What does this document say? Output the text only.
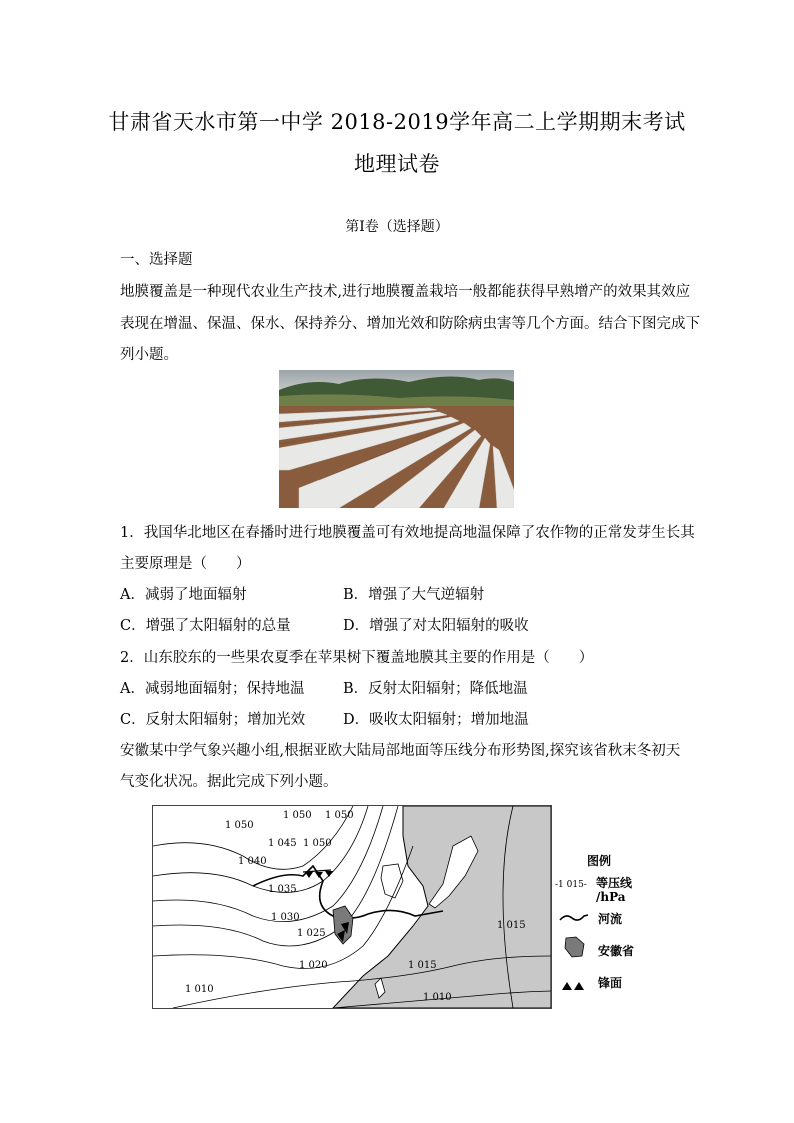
甘肃省天水市第一中学 2018-2019学年高二上学期期末考试
地理试卷
第Ⅰ卷（选择题）
一、选择题
地膜覆盖是一种现代农业生产技术,进行地膜覆盖栽培一般都能获得早熟增产的效果其效应
表现在增温、保温、保水、保持养分、增加光效和防除病虫害等几个方面。结合下图完成下
列小题。
1．我国华北地区在春播时进行地膜覆盖可有效地提高地温保障了农作物的正常发芽生长其
主要原理是（　　）
A．减弱了地面辐射	B．增强了大气逆辐射
C．增强了太阳辐射的总量	D．增强了对太阳辐射的吸收
2．山东胶东的一些果农夏季在苹果树下覆盖地膜其主要的作用是（　　）
A．减弱地面辐射；保持地温	B．反射太阳辐射；降低地温
C．反射太阳辐射；增加光效	D．吸收太阳辐射；增加地温
安徽某中学气象兴趣小组,根据亚欧大陆局部地面等压线分布形势图,探究该省秋末冬初天
气变化状况。据此完成下列小题。
1 050
1 050 1 050
1 045 1 050
1 040
1 035
1 030
1 025
1 020	1 015
1 015
1 010
1 010
图例
-1 015- 等压线
/hPa
河流
安徽省
锋面
